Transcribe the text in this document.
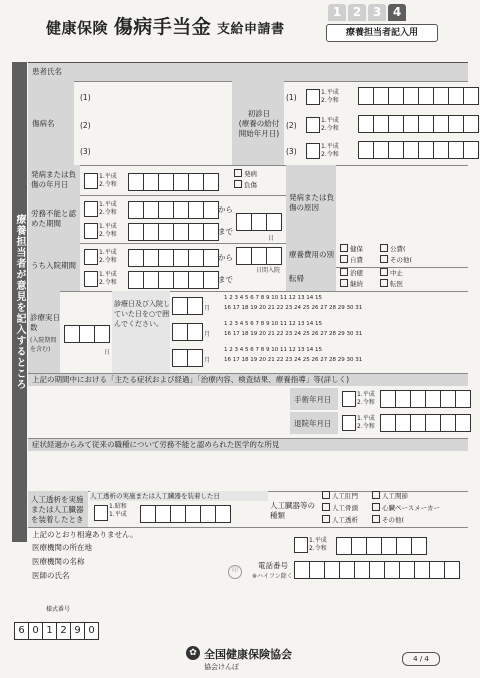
健康保険 傷病手当金 支給申請書
1 2 3 4
療養担当者記入用
療養担当者が意見を記入するところ
患者氏名
傷病名
(1)
(2)
(3)
初診日
(療養の給付
開始年月日)
(1)
1.平成
2.令和
(2)
1.平成
2.令和
(3)
1.平成
2.令和
発病または負傷の年月日
1.平成
2.令和
発病
負傷
発病または負傷の原因
労務不能と認めた期間
1.平成
2.令和	から
1.平成
2.令和	まで
日
うち入院期間
1.平成
2.令和	から
1.平成
2.令和	まで
日間入院
療養費用の別
健保	公費(
自費	その他(
転帰
治癒	中止
継続	転医
診療実日数
(入院期間を含む)	日
診療日及び入院していた日を○で囲んでください。
月
1 2 3 4 5 6 7 8 9 10 11 12 13 14 15
16 17 18 19 20 21 22 23 24 25 26 27 28 29 30 31
月
1 2 3 4 5 6 7 8 9 10 11 12 13 14 15
16 17 18 19 20 21 22 23 24 25 26 27 28 29 30 31
月
1 2 3 4 5 6 7 8 9 10 11 12 13 14 15
16 17 18 19 20 21 22 23 24 25 26 27 28 29 30 31
上記の期間中における「主たる症状および経過」「治療内容、検査結果、療養指導」等(詳しく)
手術年月日
1.平成
2.令和
退院年月日
1.平成
2.令和
症状経過からみて従来の職種について労務不能と認められた医学的な所見
人工透析を実施または人工臓器を装着したとき
人工透析の実施または人工臓器を装着した日
1.昭和
1.平成
人工臓器等の種類
人工肛門	人工関節
人工骨頭	心臓ペースメーカー
人工透析	その他(
上記のとおり相違ありません。
医療機関の所在地
医療機関の名称
医師の氏名
印
1.平成
2.令和
電話番号
※ハイフン除く
様式番号
6 0 1 2 9 0
全国健康保険協会
協会けんぽ
✿
4 / 4
